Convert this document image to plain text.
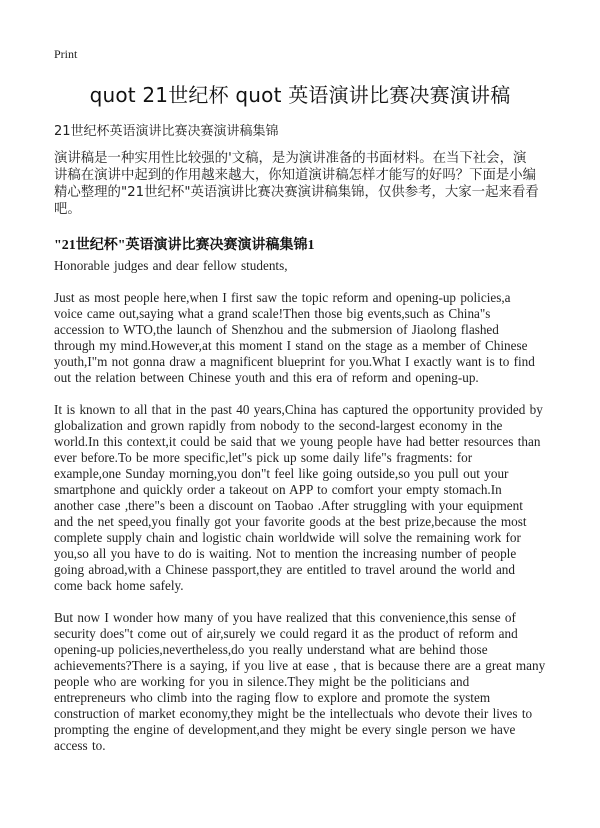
Print
quot 21世纪杯 quot 英语演讲比赛决赛演讲稿
21世纪杯英语演讲比赛决赛演讲稿集锦
演讲稿是一种实用性比较强的'文稿，是为演讲准备的书面材料。在当下社会，演
讲稿在演讲中起到的作用越来越大，你知道演讲稿怎样才能写的好吗？下面是小编
精心整理的"21世纪杯"英语演讲比赛决赛演讲稿集锦，仅供参考，大家一起来看看
吧。
"21世纪杯"英语演讲比赛决赛演讲稿集锦1
Honorable judges and dear fellow students,
Just as most people here,when I first saw the topic reform and opening-up policies,a
voice came out,saying what a grand scale!Then those big events,such as China"s
accession to WTO,the launch of Shenzhou and the submersion of Jiaolong flashed
through my mind.However,at this moment I stand on the stage as a member of Chinese
youth,I"m not gonna draw a magnificent blueprint for you.What I exactly want is to find
out the relation between Chinese youth and this era of reform and opening-up.
It is known to all that in the past 40 years,China has captured the opportunity provided by
globalization and grown rapidly from nobody to the second-largest economy in the
world.In this context,it could be said that we young people have had better resources than
ever before.To be more specific,let"s pick up some daily life"s fragments: for
example,one Sunday morning,you don"t feel like going outside,so you pull out your
smartphone and quickly order a takeout on APP to comfort your empty stomach.In
another case ,there"s been a discount on Taobao .After struggling with your equipment
and the net speed,you finally got your favorite goods at the best prize,because the most
complete supply chain and logistic chain worldwide will solve the remaining work for
you,so all you have to do is waiting. Not to mention the increasing number of people
going abroad,with a Chinese passport,they are entitled to travel around the world and
come back home safely.
But now I wonder how many of you have realized that this convenience,this sense of
security does"t come out of air,surely we could regard it as the product of reform and
opening-up policies,nevertheless,do you really understand what are behind those
achievements?There is a saying, if you live at ease , that is because there are a great many
people who are working for you in silence.They might be the politicians and
entrepreneurs who climb into the raging flow to explore and promote the system
construction of market economy,they might be the intellectuals who devote their lives to
prompting the engine of development,and they might be every single person we have
access to.
